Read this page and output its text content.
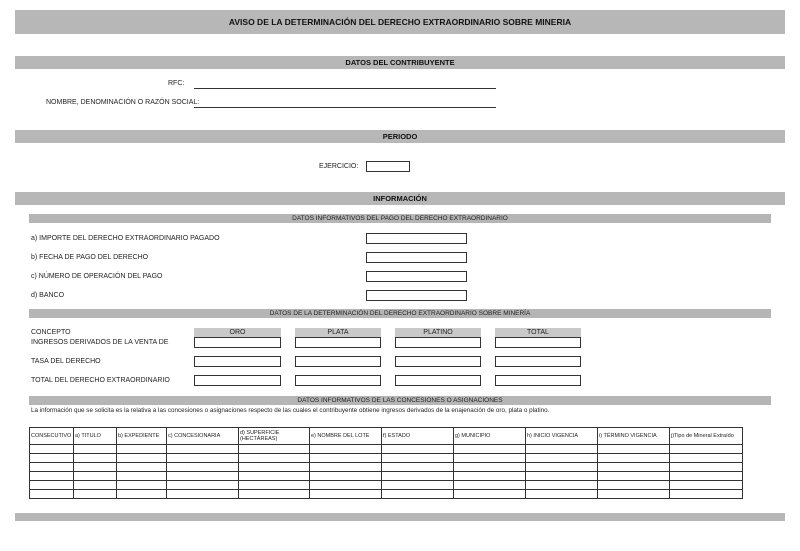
AVISO DE LA DETERMINACIÓN DEL DERECHO EXTRAORDINARIO SOBRE MINERIA
DATOS DEL CONTRIBUYENTE
RFC:
NOMBRE, DENOMINACIÓN O RAZÓN SOCIAL:
PERIODO
EJERCICIO:
INFORMACIÓN
DATOS INFORMATIVOS DEL PAGO DEL DERECHO EXTRAORDINARIO
a) IMPORTE DEL DERECHO EXTRAORDINARIO PAGADO
b) FECHA DE PAGO DEL DERECHO
c) NÚMERO DE OPERACIÓN DEL PAGO
d) BANCO
DATOS DE LA DETERMINACIÓN DEL DERECHO EXTRAORDINARIO SOBRE MINERÍA
CONCEPTO	ORO	PLATA	PLATINO	TOTAL
INGRESOS DERIVADOS DE LA VENTA DE
TASA DEL DERECHO
TOTAL DEL DERECHO EXTRAORDINARIO
DATOS INFORMATIVOS DE LAS CONCESIONES O ASIGNACIONES
La información que se solicita es la relativa a las concesiones o asignaciones respecto de las cuales el contribuyente obtiene ingresos derivados de la enajenación de oro, plata o platino.
CONSECUTIVO	a) TITULO	b) EXPEDIENTE	c) CONCESIONARIA	d) SUPERFICIE (HECTÁREAS)	e) NOMBRE DEL LOTE	f) ESTADO	g) MUNICIPIO	h) INICIO VIGENCIA	i) TÉRMINO VIGENCIA	j)Tipo de Mineral Extraído
